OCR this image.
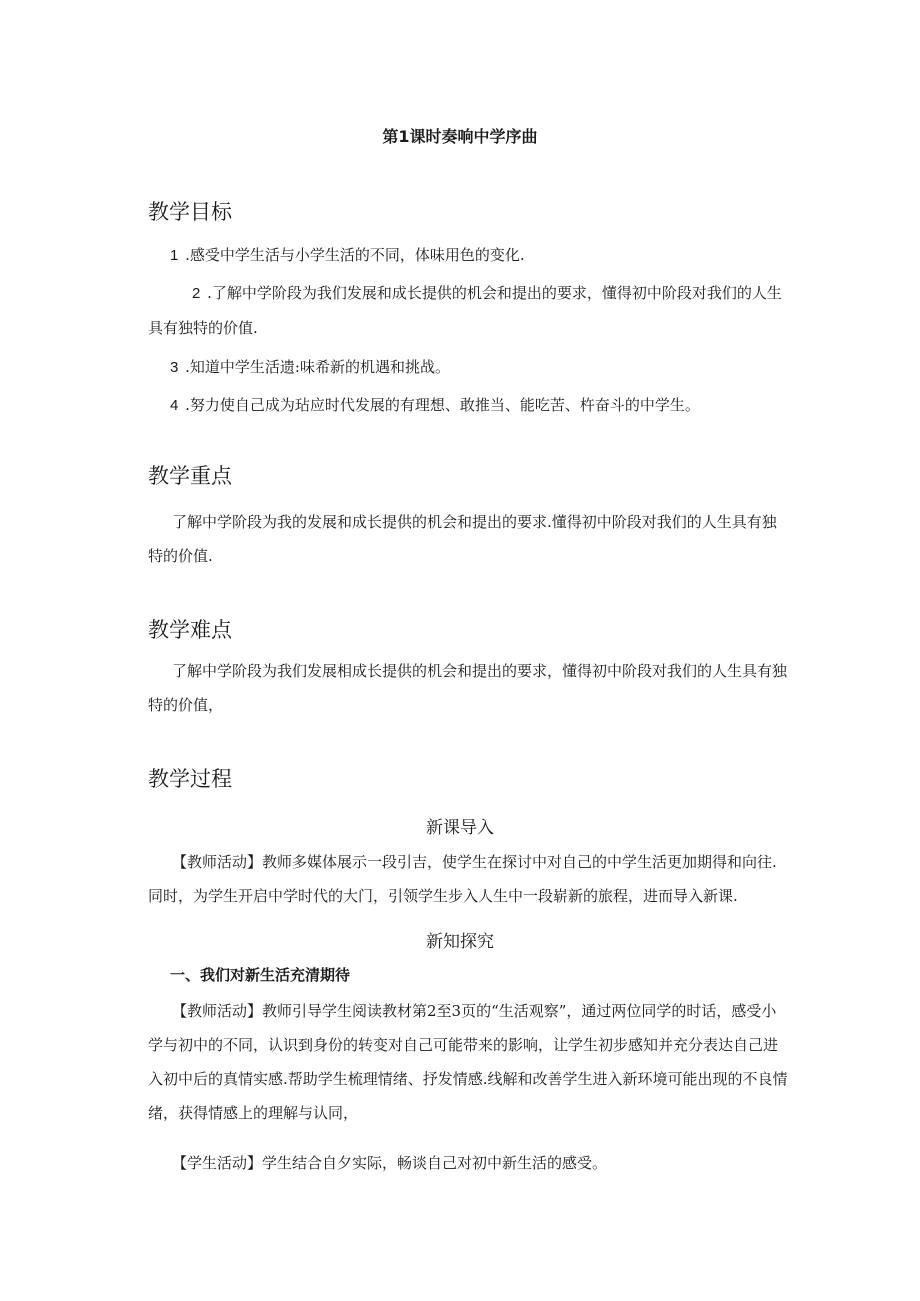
第1课时奏响中学序曲
教学目标

1 .感受中学生活与小学生活的不同，体味用色的变化.

2 .了解中学阶段为我们发展和成长提供的机会和提出的要求，懂得初中阶段对我们的人生具有独特的价值.

3 .知道中学生活遗:味希新的机遇和挑战。

4 .努力使自己成为玷应时代发展的有理想、敢推当、能吃苦、杵奋斗的中学生。

教学重点

了解中学阶段为我的发展和成长提供的机会和提出的要求.懂得初中阶段对我们的人生具有独特的价值.

教学难点

了解中学阶段为我们发展相成长提供的机会和提出的要求，懂得初中阶段对我们的人生具有独特的价值，

教学过程
新课导入

【教师活动】教师多媒体展示一段引吉，使学生在探讨中对自己的中学生活更加期得和向往.同时，为学生开启中学时代的大门，引领学生步入人生中一段崭新的旅程，进而导入新课.

新知探究
一、我们对新生活充清期待

【教师活动】教师引导学生阅读教材第2至3页的“生活观察”，通过两位同学的时话，感受小学与初中的不同，认识到身份的转变对自己可能带来的影响，让学生初步感知并充分表达自己进入初中后的真情实感.帮助学生梳理情绪、抒发情感.线解和改善学生进入新环境可能出现的不良情绪，获得情感上的理解与认同，

【学生活动】学生结合自夕实际，畅谈自己对初中新生活的感受。
